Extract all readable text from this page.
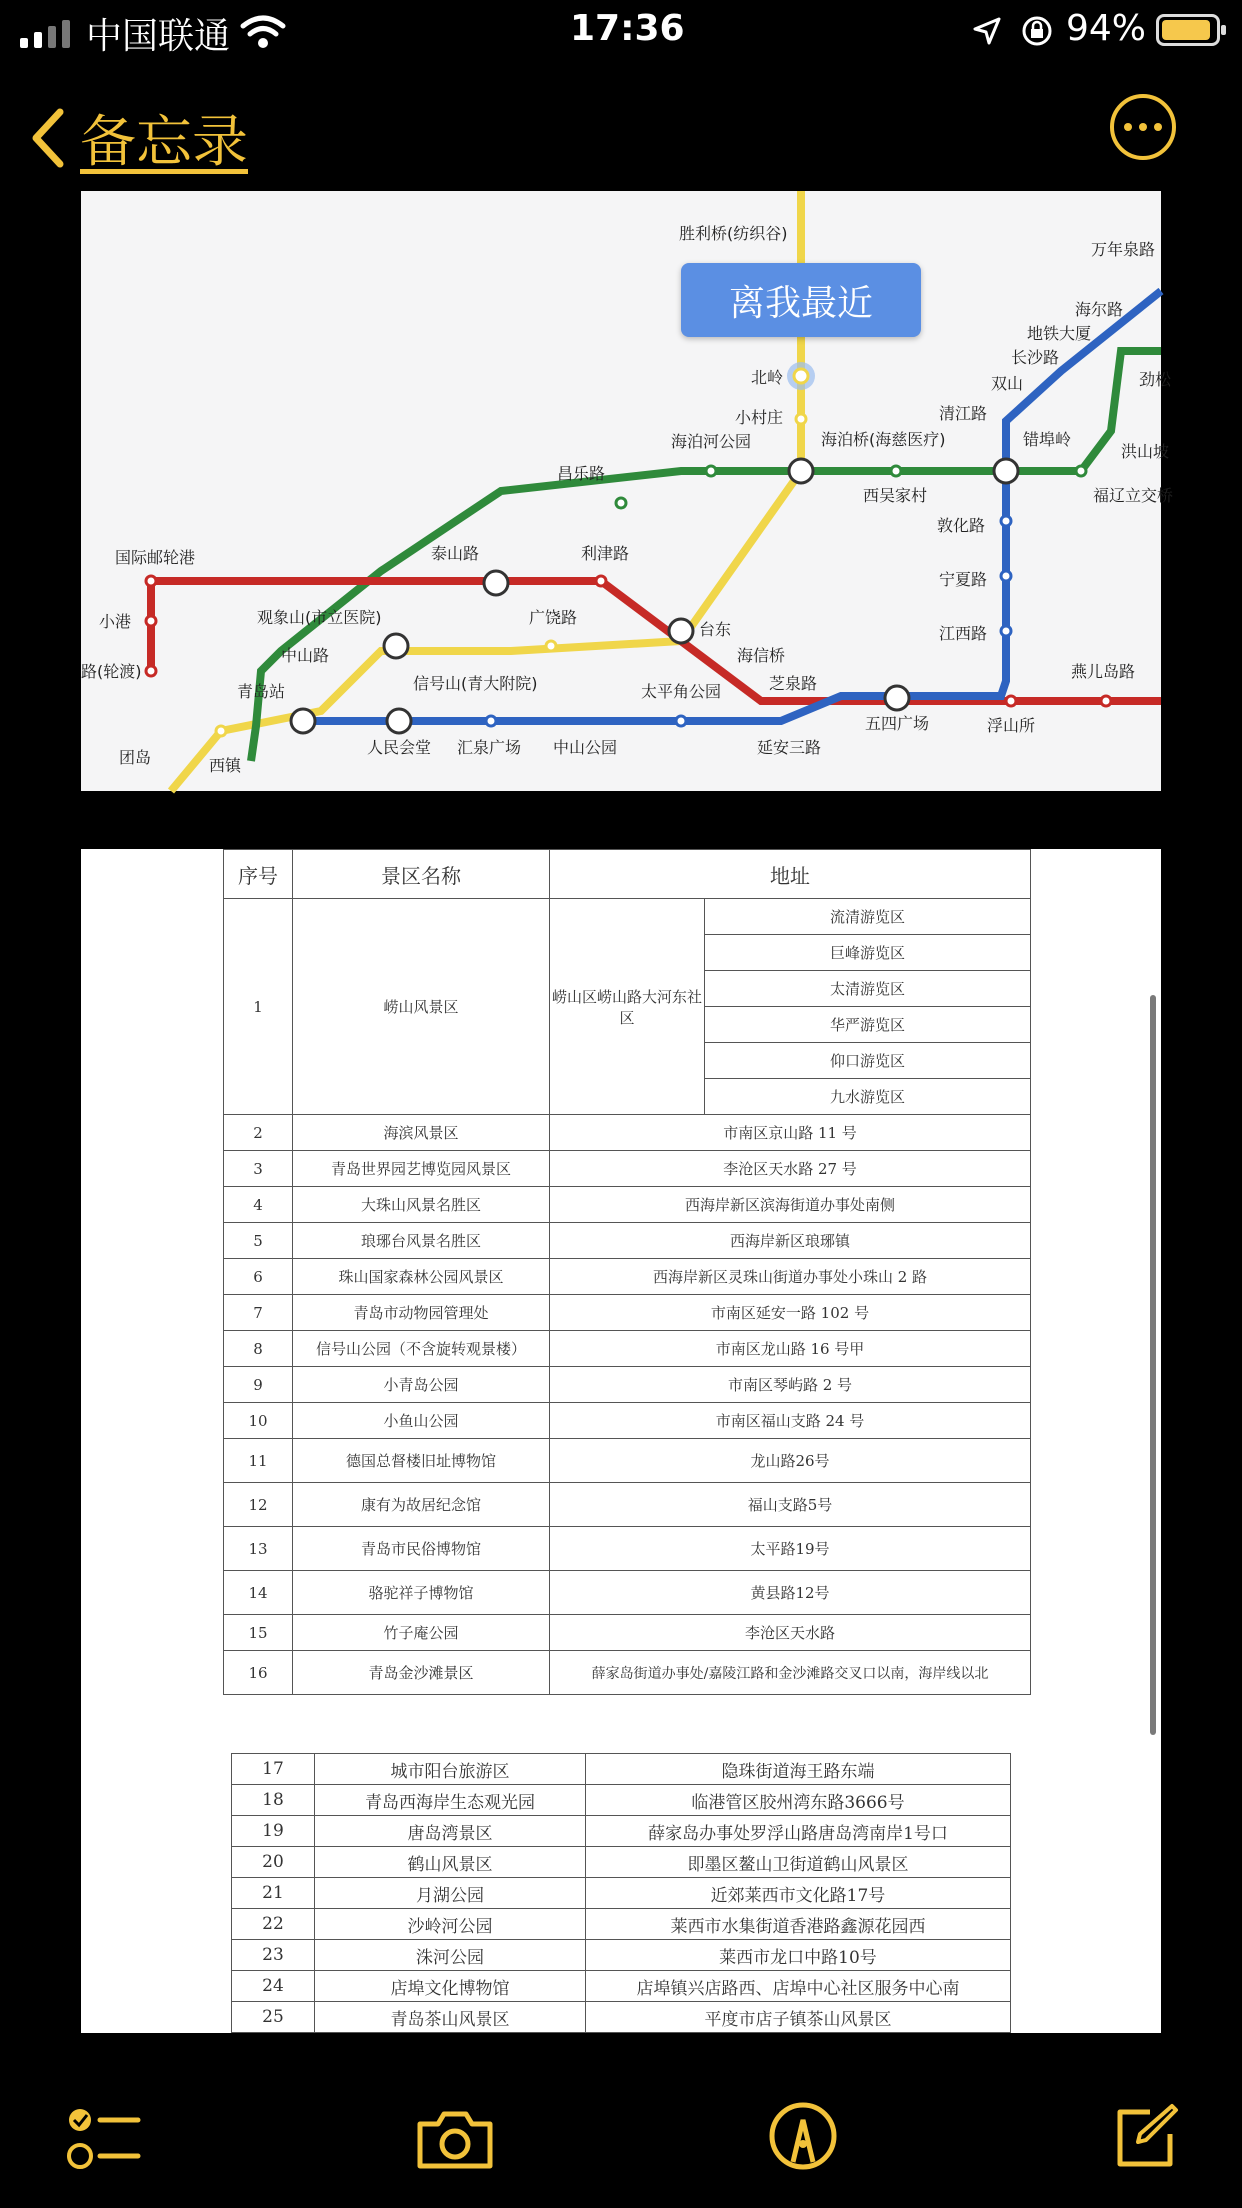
中国联通	17:36	94%
备忘录
离我最近
胜利桥(纺织谷)
万年泉路
海尔路
地铁大厦
长沙路
双山	劲松
北岭
小村庄	清江路
错埠岭
洪山坡
海泊河公园	海泊桥(海慈医疗)
昌乐路
西吴家村	福辽立交桥
国际邮轮港	泰山路	利津路
敦化路
小港	观象山(市立医院)	广饶路
台东
宁夏路
中山路	海信桥
江西路
路(轮渡)
信号山(青大附院)	芝泉路
青岛站	太平角公园
五四广场
燕儿岛路
团岛	西镇
人民会堂 汇泉广场 中山公园	延安三路
浮山所
序号	景区名称	地址	
1	崂山风景区	崂山区崂山路大河东社区	流清游览区
			巨峰游览区
			太清游览区
			华严游览区
			仰口游览区
			九水游览区
2	海滨风景区	市南区京山路 11 号	
3	青岛世界园艺博览园风景区	李沧区天水路 27 号	
4	大珠山风景名胜区	西海岸新区滨海街道办事处南侧	
5	琅琊台风景名胜区	西海岸新区琅琊镇	
6	珠山国家森林公园风景区	西海岸新区灵珠山街道办事处小珠山 2 路	
7	青岛市动物园管理处	市南区延安一路 102 号	
8	信号山公园（不含旋转观景楼）	市南区龙山路 16 号甲	
9	小青岛公园	市南区琴屿路 2 号	
10	小鱼山公园	市南区福山支路 24 号	
11	德国总督楼旧址博物馆	龙山路26号	
12	康有为故居纪念馆	福山支路5号	
13	青岛市民俗博物馆	太平路19号	
14	骆驼祥子博物馆	黄县路12号	
15	竹子庵公园	李沧区天水路	
16	青岛金沙滩景区	薛家岛街道办事处/嘉陵江路和金沙滩路交叉口以南，海岸线以北	
17	城市阳台旅游区	隐珠街道海王路东端
18	青岛西海岸生态观光园	临港管区胶州湾东路3666号
19	唐岛湾景区	薛家岛办事处罗浮山路唐岛湾南岸1号口
20	鹤山风景区	即墨区鳌山卫街道鹤山风景区
21	月湖公园	近郊莱西市文化路17号
22	沙岭河公园	莱西市水集街道香港路鑫源花园西
23	洙河公园	莱西市龙口中路10号
24	店埠文化博物馆	店埠镇兴店路西、店埠中心社区服务中心南
25	青岛茶山风景区	平度市店子镇茶山风景区
